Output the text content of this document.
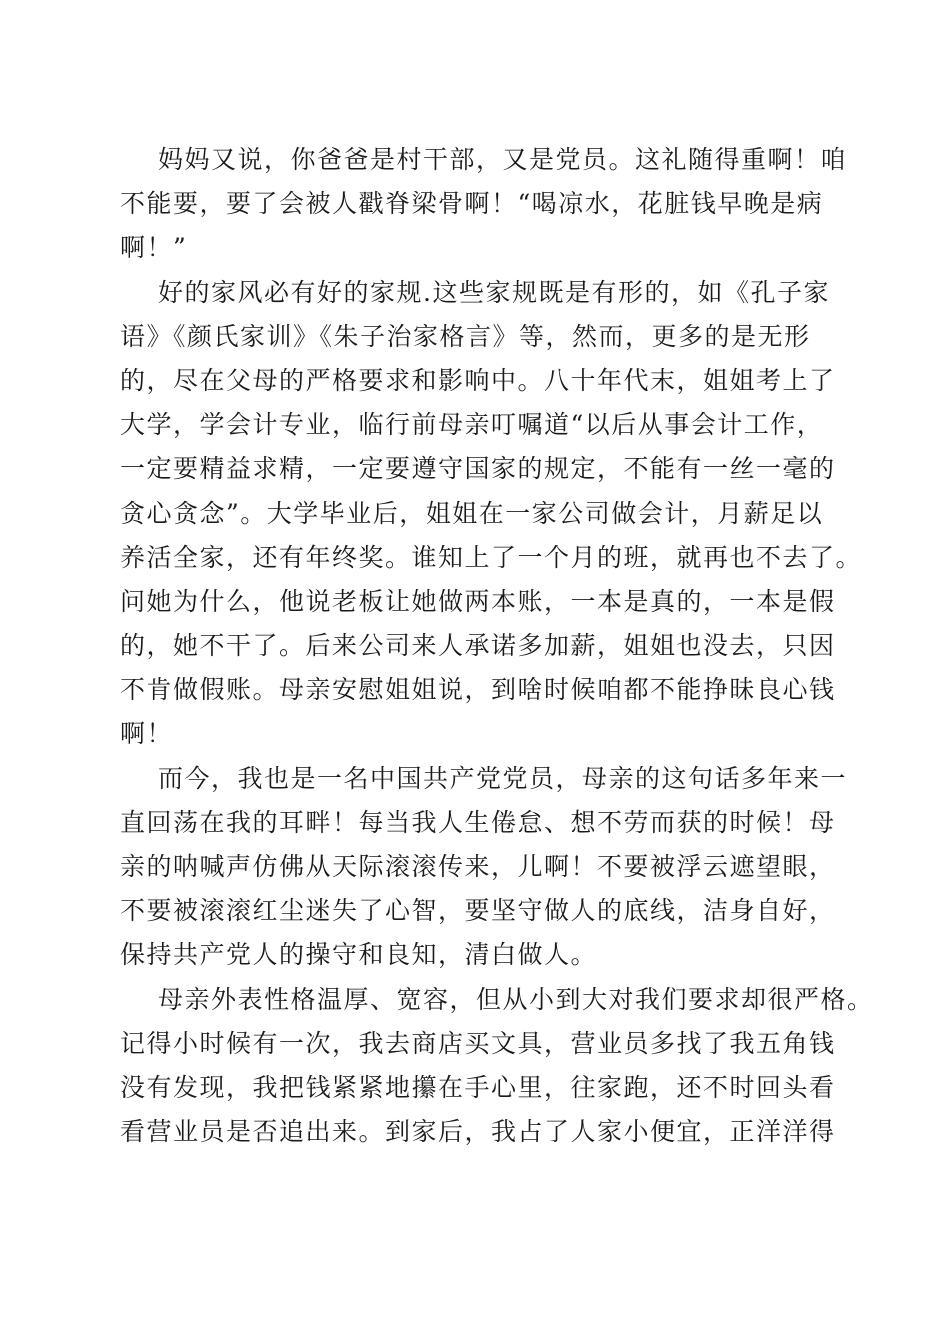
妈妈又说，你爸爸是村干部，又是党员。这礼随得重啊！咱
不能要，要了会被人戳脊梁骨啊！“喝凉水，花脏钱早晚是病
啊！”
好的家风必有好的家规.这些家规既是有形的，如《孔子家
语》《颜氏家训》《朱子治家格言》等，然而，更多的是无形
的，尽在父母的严格要求和影响中。八十年代末，姐姐考上了
大学，学会计专业，临行前母亲叮嘱道“以后从事会计工作，
一定要精益求精，一定要遵守国家的规定，不能有一丝一毫的
贪心贪念”。大学毕业后，姐姐在一家公司做会计，月薪足以
养活全家，还有年终奖。谁知上了一个月的班，就再也不去了。
问她为什么，他说老板让她做两本账，一本是真的，一本是假
的，她不干了。后来公司来人承诺多加薪，姐姐也没去，只因
不肯做假账。母亲安慰姐姐说，到啥时候咱都不能挣昧良心钱
啊！
而今，我也是一名中国共产党党员，母亲的这句话多年来一
直回荡在我的耳畔！每当我人生倦怠、想不劳而获的时候！母
亲的呐喊声仿佛从天际滚滚传来，儿啊！不要被浮云遮望眼，
不要被滚滚红尘迷失了心智，要坚守做人的底线，洁身自好，
保持共产党人的操守和良知，清白做人。
母亲外表性格温厚、宽容，但从小到大对我们要求却很严格。
记得小时候有一次，我去商店买文具，营业员多找了我五角钱
没有发现，我把钱紧紧地攥在手心里，往家跑，还不时回头看
看营业员是否追出来。到家后，我占了人家小便宜，正洋洋得
